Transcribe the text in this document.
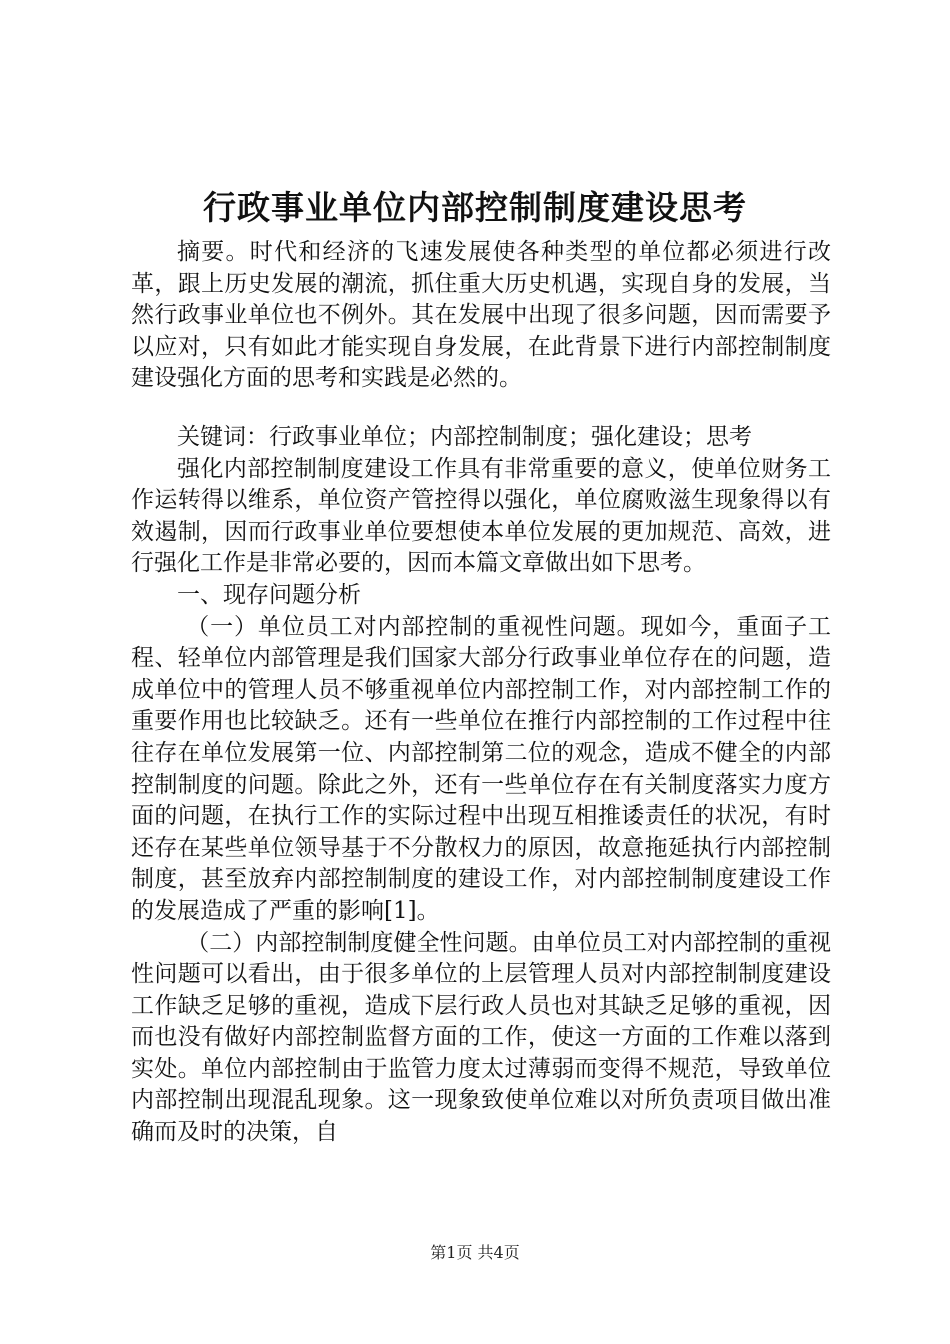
行政事业单位内部控制制度建设思考

摘要。时代和经济的飞速发展使各种类型的单位都必须进行改革，跟上历史发展的潮流，抓住重大历史机遇，实现自身的发展，当然行政事业单位也不例外。其在发展中出现了很多问题，因而需要予以应对，只有如此才能实现自身发展，在此背景下进行内部控制制度建设强化方面的思考和实践是必然的。

关键词：行政事业单位；内部控制制度；强化建设；思考

强化内部控制制度建设工作具有非常重要的意义，使单位财务工作运转得以维系，单位资产管控得以强化，单位腐败滋生现象得以有效遏制，因而行政事业单位要想使本单位发展的更加规范、高效，进行强化工作是非常必要的，因而本篇文章做出如下思考。

一、现存问题分析

（一）单位员工对内部控制的重视性问题。现如今，重面子工程、轻单位内部管理是我们国家大部分行政事业单位存在的问题，造成单位中的管理人员不够重视单位内部控制工作，对内部控制工作的重要作用也比较缺乏。还有一些单位在推行内部控制的工作过程中往往存在单位发展第一位、内部控制第二位的观念，造成不健全的内部控制制度的问题。除此之外，还有一些单位存在有关制度落实力度方面的问题，在执行工作的实际过程中出现互相推诿责任的状况，有时还存在某些单位领导基于不分散权力的原因，故意拖延执行内部控制制度，甚至放弃内部控制制度的建设工作，对内部控制制度建设工作的发展造成了严重的影响[1]。

（二）内部控制制度健全性问题。由单位员工对内部控制的重视性问题可以看出，由于很多单位的上层管理人员对内部控制制度建设工作缺乏足够的重视，造成下层行政人员也对其缺乏足够的重视，因而也没有做好内部控制监督方面的工作，使这一方面的工作难以落到实处。单位内部控制由于监管力度太过薄弱而变得不规范，导致单位内部控制出现混乱现象。这一现象致使单位难以对所负责项目做出准确而及时的决策，自

第1页 共4页
